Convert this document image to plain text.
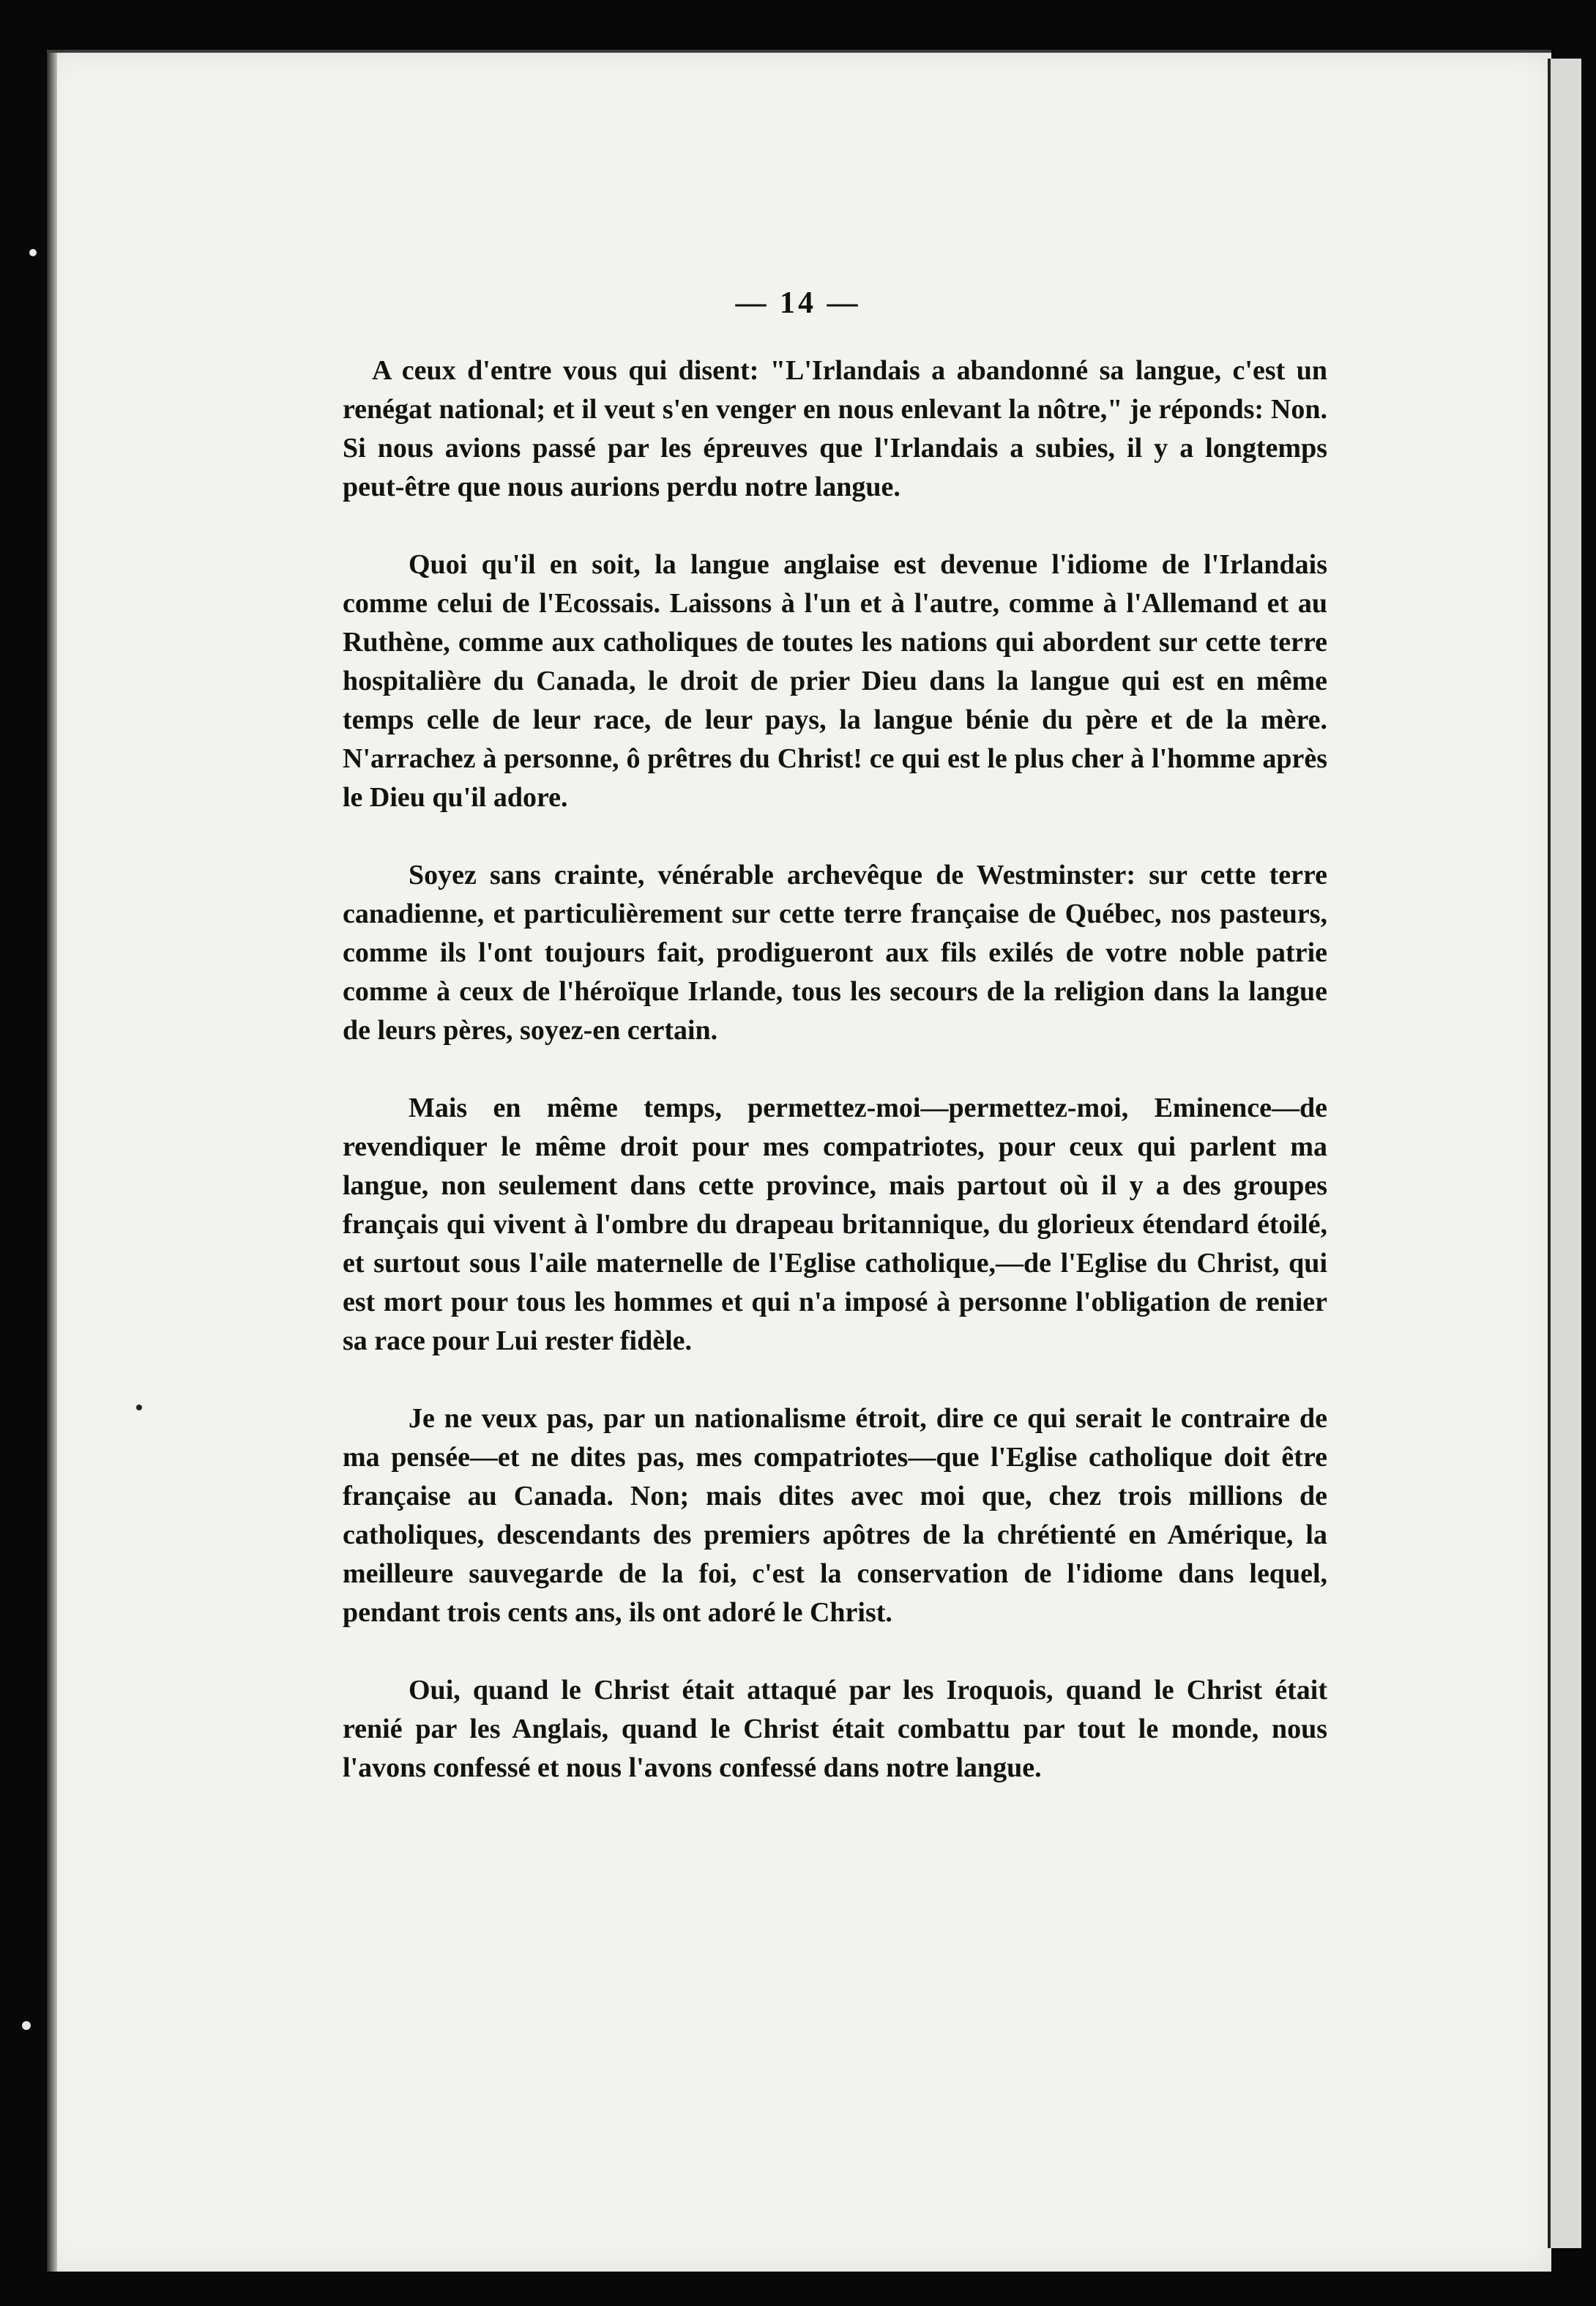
— 14 —

A ceux d'entre vous qui disent: "L'Irlandais a abandonné sa langue, c'est un renégat national; et il veut s'en venger en nous enlevant la nôtre," je réponds: Non. Si nous avions passé par les épreuves que l'Irlandais a subies, il y a longtemps peut-être que nous aurions perdu notre langue.

Quoi qu'il en soit, la langue anglaise est devenue l'idiome de l'Irlandais comme celui de l'Ecossais. Laissons à l'un et à l'autre, comme à l'Allemand et au Ruthène, comme aux catholiques de toutes les nations qui abordent sur cette terre hospitalière du Canada, le droit de prier Dieu dans la langue qui est en même temps celle de leur race, de leur pays, la langue bénie du père et de la mère. N'arrachez à personne, ô prêtres du Christ! ce qui est le plus cher à l'homme après le Dieu qu'il adore.

Soyez sans crainte, vénérable archevêque de Westminster: sur cette terre canadienne, et particulièrement sur cette terre française de Québec, nos pasteurs, comme ils l'ont toujours fait, prodigueront aux fils exilés de votre noble patrie comme à ceux de l'héroïque Irlande, tous les secours de la religion dans la langue de leurs pères, soyez-en certain.

Mais en même temps, permettez-moi—permettez-moi, Eminence—de revendiquer le même droit pour mes compatriotes, pour ceux qui parlent ma langue, non seulement dans cette province, mais partout où il y a des groupes français qui vivent à l'ombre du drapeau britannique, du glorieux étendard étoilé, et surtout sous l'aile maternelle de l'Eglise catholique,—de l'Eglise du Christ, qui est mort pour tous les hommes et qui n'a imposé à personne l'obligation de renier sa race pour Lui rester fidèle.

Je ne veux pas, par un nationalisme étroit, dire ce qui serait le contraire de ma pensée—et ne dites pas, mes compatriotes—que l'Eglise catholique doit être française au Canada. Non; mais dites avec moi que, chez trois millions de catholiques, descendants des premiers apôtres de la chrétienté en Amérique, la meilleure sauvegarde de la foi, c'est la conservation de l'idiome dans lequel, pendant trois cents ans, ils ont adoré le Christ.

Oui, quand le Christ était attaqué par les Iroquois, quand le Christ était renié par les Anglais, quand le Christ était combattu par tout le monde, nous l'avons confessé et nous l'avons confessé dans notre langue.
